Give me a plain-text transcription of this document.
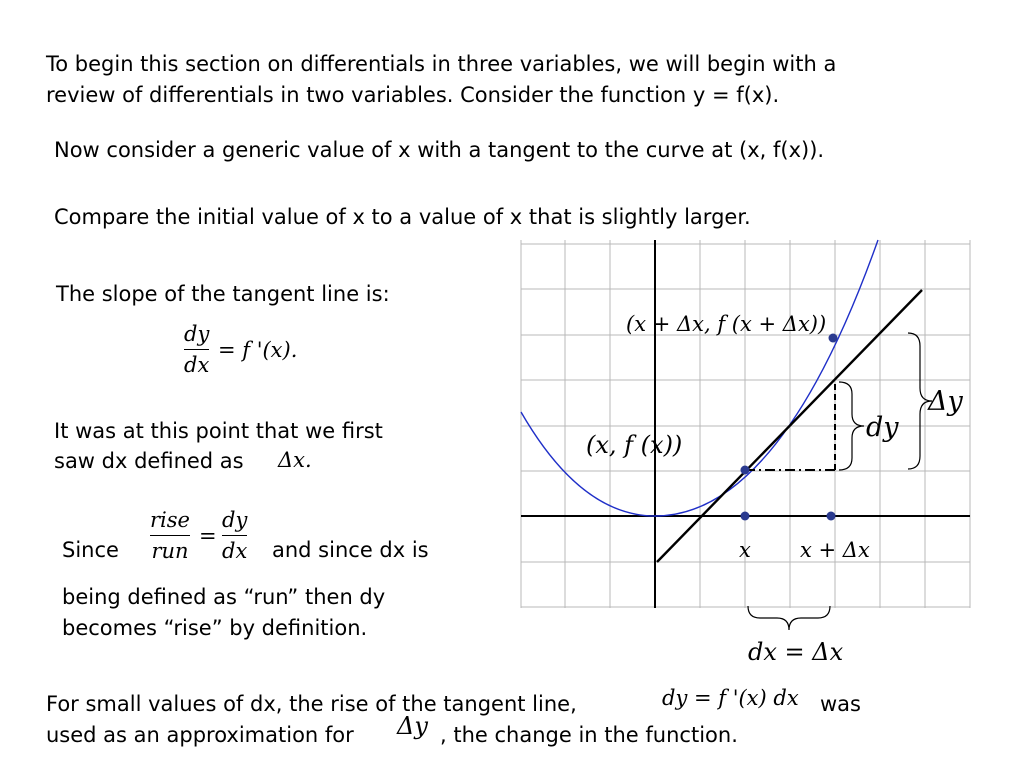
To begin this section on differentials in three variables, we will begin with a
review of differentials in two variables. Consider the function y = f(x).
Now consider a generic value of x with a tangent to the curve at (x, f(x)).
Compare the initial value of x to a value of x that is slightly larger.
The slope of the tangent line is:
dy
dx
= f '(x).
It was at this point that we first
saw dx defined as Δx.
Since
rise
run
=
dy
dx and since dx is
being defined as “run” then dy
becomes “rise” by definition.
For small values of dx, the rise of the tangent line,	dy = f '(x) dx was
used as an approximation for Δy , the change in the function.
(x + Δx, f (x + Δx))
(x, f (x))
x x + Δx
dy
Δy
dx = Δx
